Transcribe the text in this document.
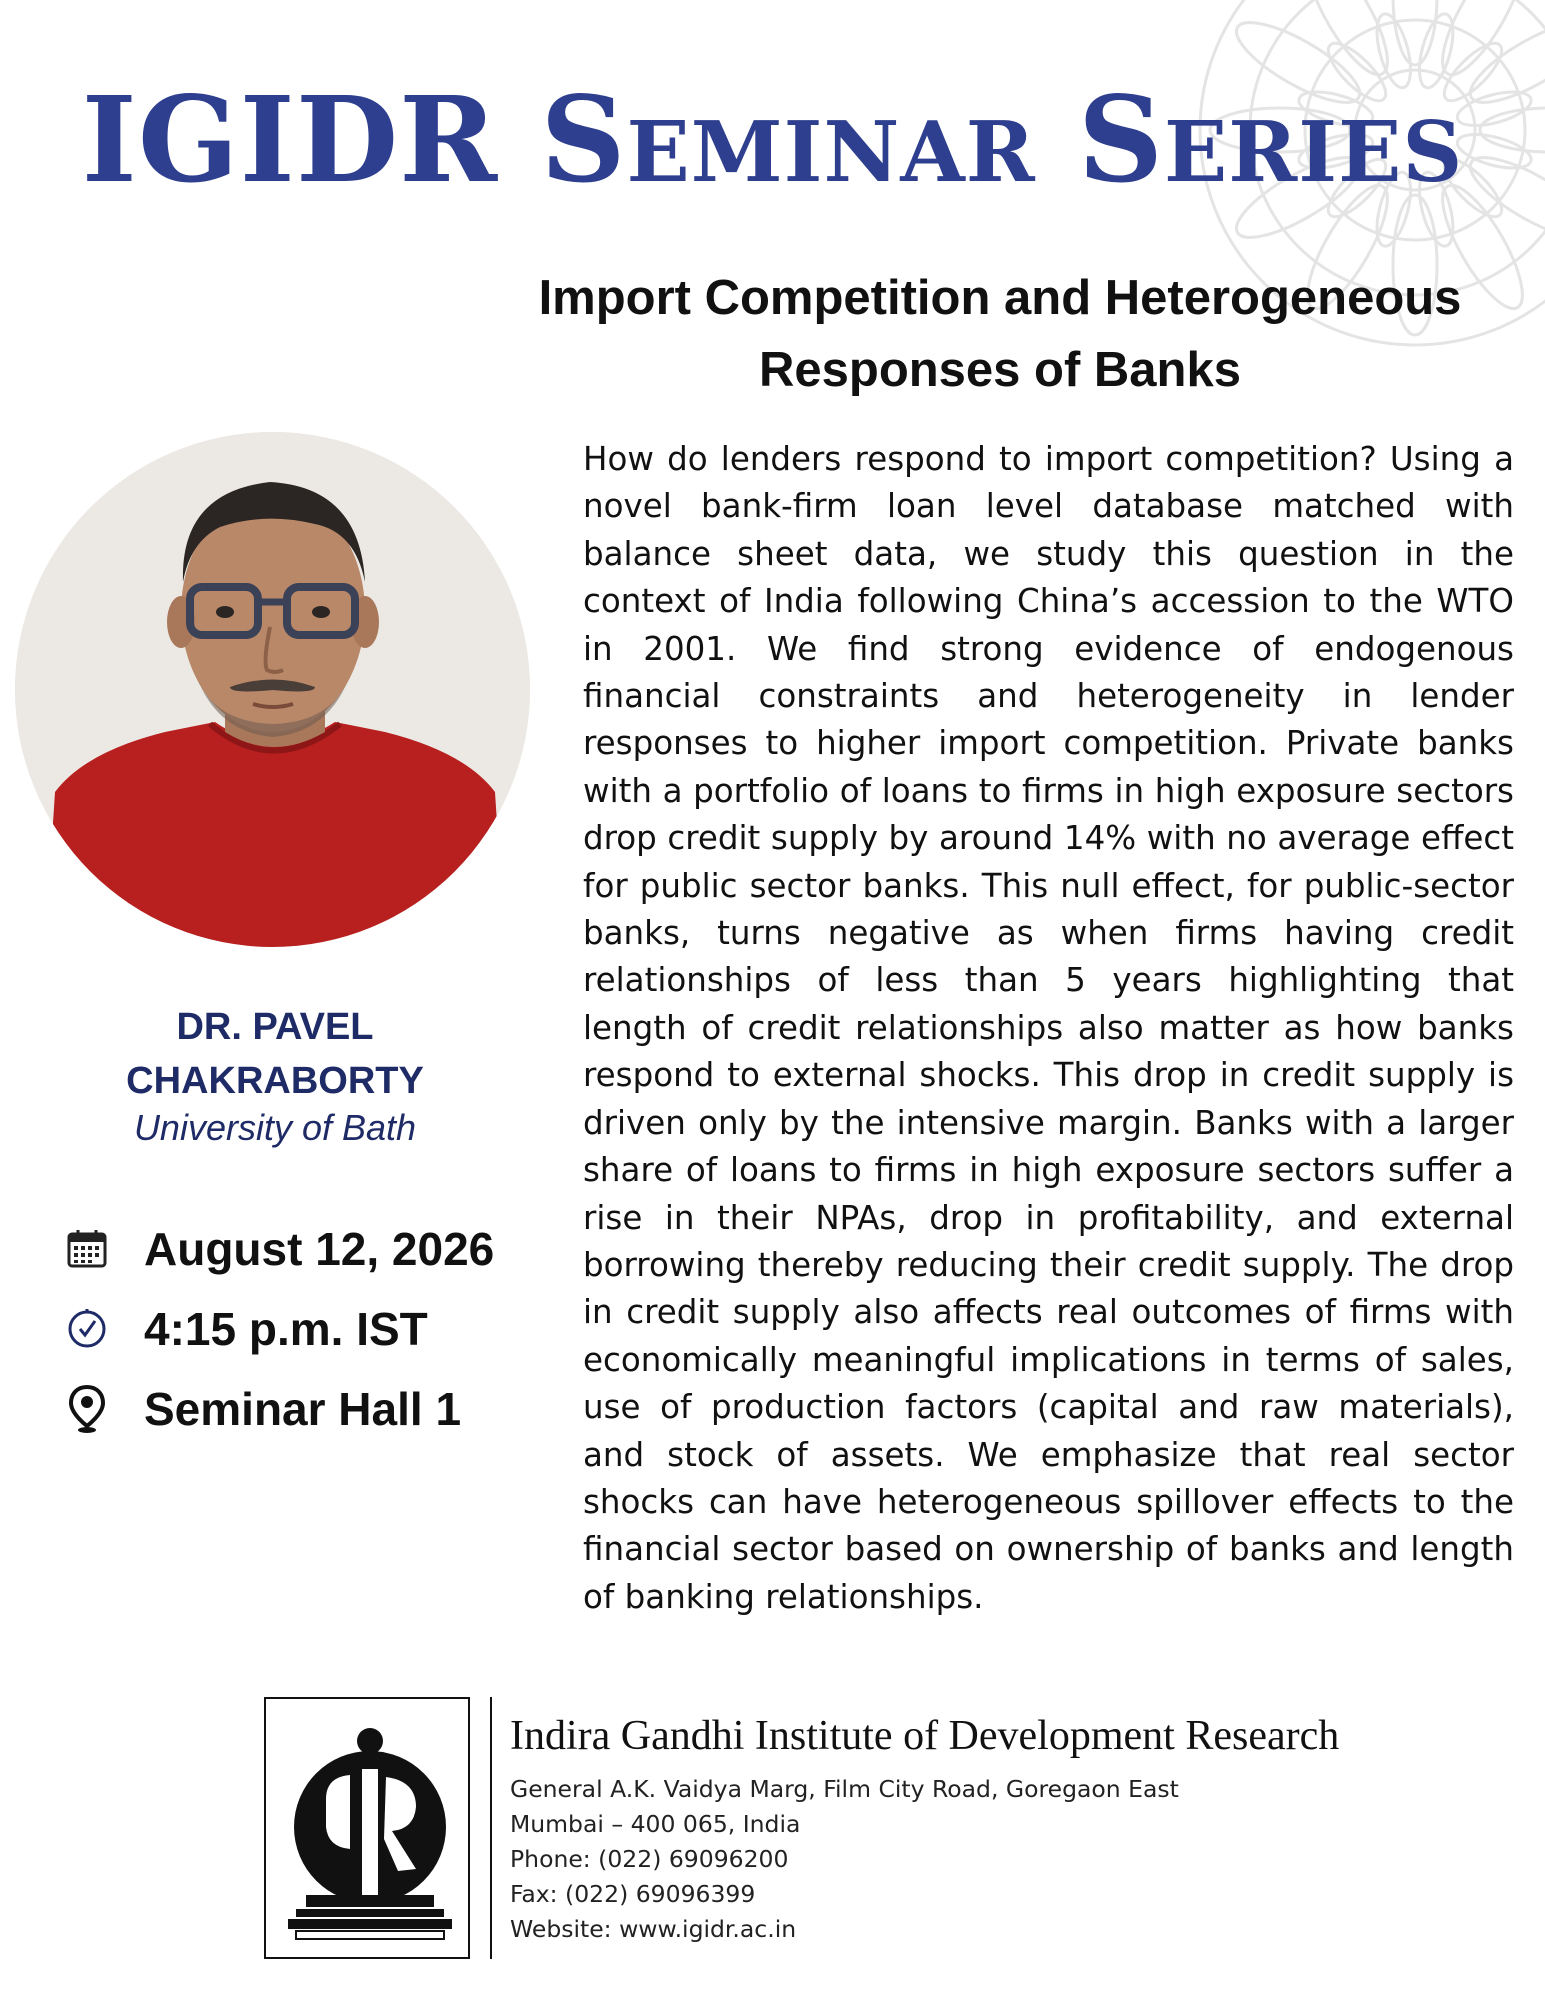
IGIDR Seminar Series
Import Competition and Heterogeneous
Responses of Banks
DR. PAVEL
CHAKRABORTY
University of Bath
August 12, 2026
4:15 p.m. IST
Seminar Hall 1

How do lenders respond to import competition? Using a novel bank-firm loan level database matched with balance sheet data, we study this question in the context of India following China’s accession to the WTO in 2001. We find strong evidence of endogenous financial constraints and heterogeneity in lender responses to higher import competition. Private banks with a portfolio of loans to firms in high exposure sectors drop credit supply by around 14% with no average effect for public sector banks. This null effect, for public-sector banks, turns negative as when firms having credit relationships of less than 5 years highlighting that length of credit relationships also matter as how banks respond to external shocks. This drop in credit supply is driven only by the intensive margin. Banks with a larger share of loans to firms in high exposure sectors suffer a rise in their NPAs, drop in profitability, and external borrowing thereby reducing their credit supply. The drop in credit supply also affects real outcomes of firms with economically meaningful implications in terms of sales, use of production factors (capital and raw materials), and stock of assets. We emphasize that real sector shocks can have heterogeneous spillover effects to the financial sector based on ownership of banks and length of banking relationships.

Indira Gandhi Institute of Development Research
General A.K. Vaidya Marg, Film City Road, Goregaon East
Mumbai – 400 065, India
Phone: (022) 69096200
Fax: (022) 69096399
Website: www.igidr.ac.in
